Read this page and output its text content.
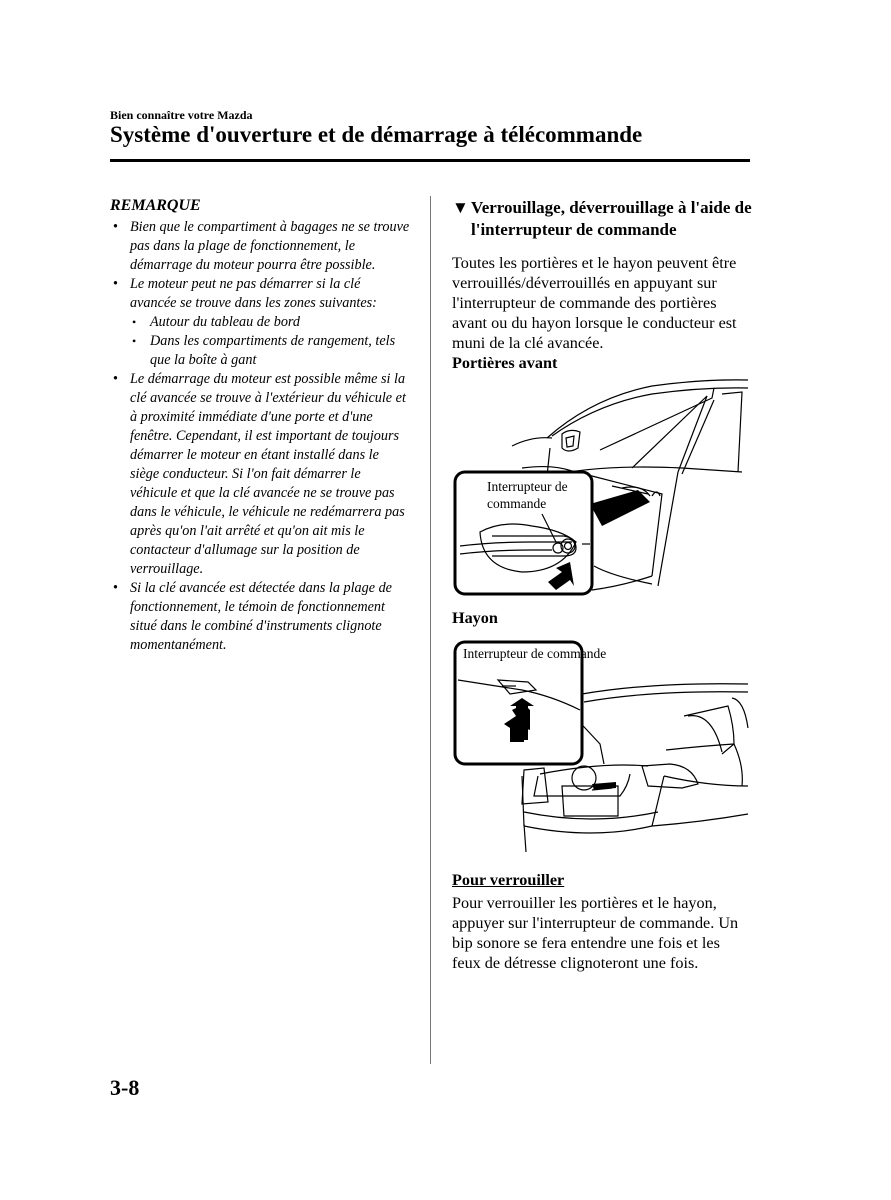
Bien connaître votre Mazda
Système d'ouverture et de démarrage à télécommande

REMARQUE

• Bien que le compartiment à bagages ne se trouve pas dans la plage de fonctionnement, le démarrage du moteur pourra être possible.
• Le moteur peut ne pas démarrer si la clé avancée se trouve dans les zones suivantes:
• Autour du tableau de bord
• Dans les compartiments de rangement, tels que la boîte à gant
• Le démarrage du moteur est possible même si la clé avancée se trouve à l'extérieur du véhicule et à proximité immédiate d'une porte et d'une fenêtre. Cependant, il est important de toujours démarrer le moteur en étant installé dans le siège conducteur. Si l'on fait démarrer le véhicule et que la clé avancée ne se trouve pas dans le véhicule, le véhicule ne redémarrera pas après qu'on l'ait arrêté et qu'on ait mis le contacteur d'allumage sur la position de verrouillage.
• Si la clé avancée est détectée dans la plage de fonctionnement, le témoin de fonctionnement situé dans le combiné d'instruments clignote momentanément.
▼ Verrouillage, déverrouillage à l'aide de l'interrupteur de commande

Toutes les portières et le hayon peuvent être verrouillés/déverrouillés en appuyant sur l'interrupteur de commande des portières avant ou du hayon lorsque le conducteur est muni de la clé avancée.

Portières avant

Interrupteur de commande
Hayon
Interrupteur de commande
Pour verrouiller

Pour verrouiller les portières et le hayon, appuyer sur l'interrupteur de commande. Un bip sonore se fera entendre une fois et les feux de détresse clignoteront une fois.

3-8
